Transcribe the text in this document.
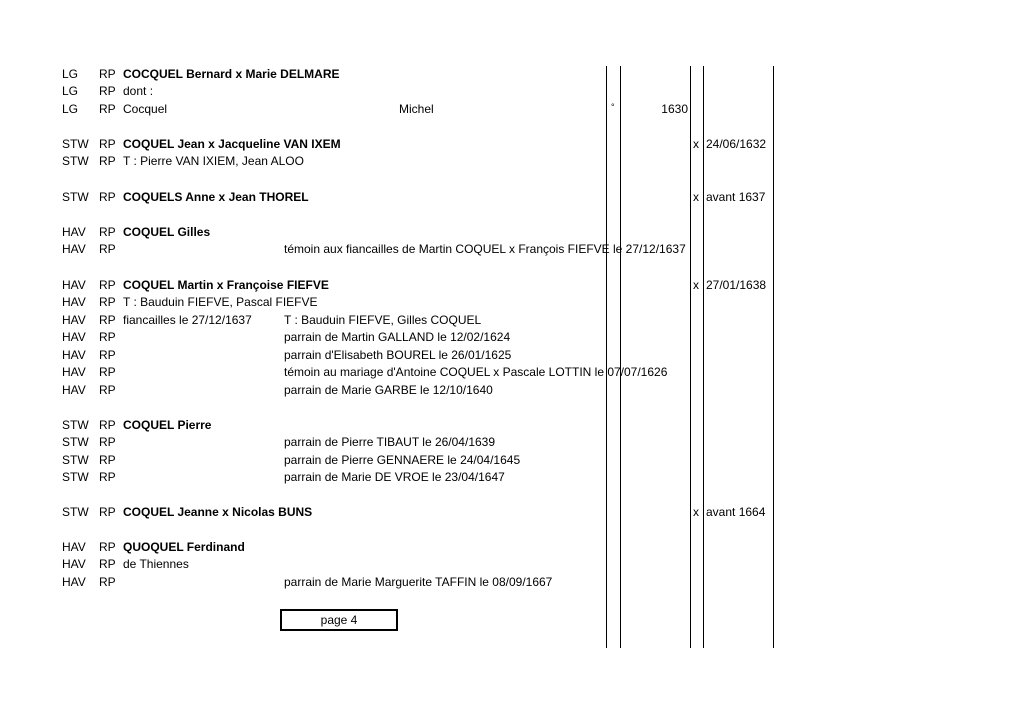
LG RP COCQUEL Bernard x Marie DELMARE
LG RP dont :
LG RP Cocquel	Michel	°	1630
STW RP COQUEL Jean x Jacqueline VAN IXEM	x 24/06/1632
STW RP T : Pierre VAN IXIEM, Jean ALOO
STW RP COQUELS Anne x Jean THOREL	x avant 1637
HAV RP COQUEL Gilles
HAV RP	témoin aux fiancailles de Martin COQUEL x François FIEFVE le 27/12/1637
HAV RP COQUEL Martin x Françoise FIEFVE	x 27/01/1638
HAV RP T : Bauduin FIEFVE, Pascal FIEFVE
HAV RP fiancailles le 27/12/1637	T : Bauduin FIEFVE, Gilles COQUEL
HAV RP	parrain de Martin GALLAND le 12/02/1624
HAV RP	parrain d'Elisabeth BOUREL le 26/01/1625
HAV RP	témoin au mariage d'Antoine COQUEL x Pascale LOTTIN le 07/07/1626
HAV RP	parrain de Marie GARBE le 12/10/1640
STW RP COQUEL Pierre
STW RP	parrain de Pierre TIBAUT le 26/04/1639
STW RP	parrain de Pierre GENNAERE le 24/04/1645
STW RP	parrain de Marie DE VROE le 23/04/1647
STW RP COQUEL Jeanne x Nicolas BUNS	x avant 1664
HAV RP QUOQUEL Ferdinand
HAV RP de Thiennes
HAV RP	parrain de Marie Marguerite TAFFIN le 08/09/1667
page 4
